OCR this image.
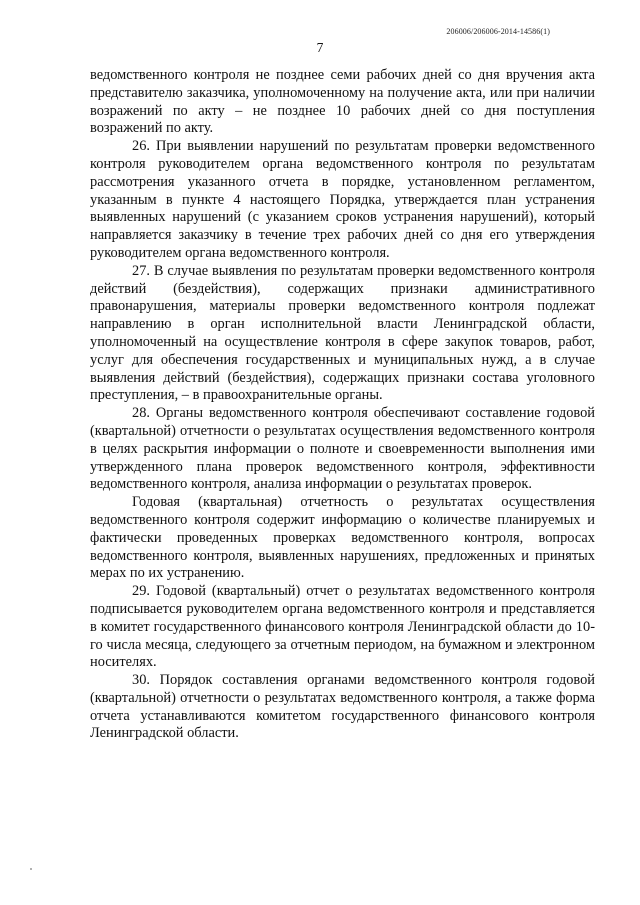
206006/206006-2014-14586(1)
7

ведомственного контроля не позднее семи рабочих дней со дня вручения акта представителю заказчика, уполномоченному на получение акта, или при наличии возражений по акту – не позднее 10 рабочих дней со дня поступления возражений по акту.

26. При выявлении нарушений по результатам проверки ведомственного контроля руководителем органа ведомственного контроля по результатам рассмотрения указанного отчета в порядке, установленном регламентом, указанным в пункте 4 настоящего Порядка, утверждается план устранения выявленных нарушений (с указанием сроков устранения нарушений), который направляется заказчику в течение трех рабочих дней со дня его утверждения руководителем органа ведомственного контроля.

27. В случае выявления по результатам проверки ведомственного контроля действий (бездействия), содержащих признаки административного правонарушения, материалы проверки ведомственного контроля подлежат направлению в орган исполнительной власти Ленинградской области, уполномоченный на осуществление контроля в сфере закупок товаров, работ, услуг для обеспечения государственных и муниципальных нужд, а в случае выявления действий (бездействия), содержащих признаки состава уголовного преступления, – в правоохранительные органы.

28. Органы ведомственного контроля обеспечивают составление годовой (квартальной) отчетности о результатах осуществления ведомственного контроля в целях раскрытия информации о полноте и своевременности выполнения ими утвержденного плана проверок ведомственного контроля, эффективности ведомственного контроля, анализа информации о результатах проверок.

Годовая (квартальная) отчетность о результатах осуществления ведомственного контроля содержит информацию о количестве планируемых и фактически проведенных проверках ведомственного контроля, вопросах ведомственного контроля, выявленных нарушениях, предложенных и принятых мерах по их устранению.

29. Годовой (квартальный) отчет о результатах ведомственного контроля подписывается руководителем органа ведомственного контроля и представляется в комитет государственного финансового контроля Ленинградской области до 10-го числа месяца, следующего за отчетным периодом, на бумажном и электронном носителях.

30. Порядок составления органами ведомственного контроля годовой (квартальной) отчетности о результатах ведомственного контроля, а также форма отчета устанавливаются комитетом государственного финансового контроля Ленинградской области.
